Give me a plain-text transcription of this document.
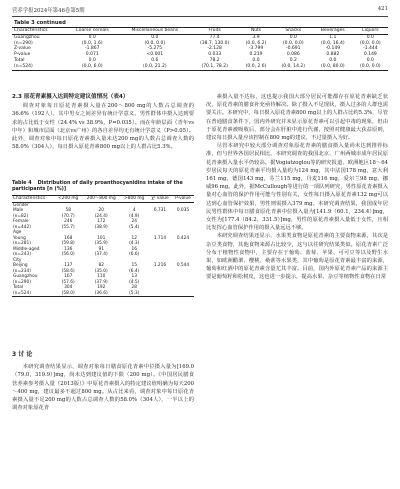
营养学报2024年第46卷第5期	421
Table 3 continued
Characteristics	Coarse cereals	Miscellaneous beans	Fruits	Nuts	Snacks	Beverages	Liquors
Guangzhou	0.0	0.0	77.4	3.9	0.0	1.1	0.0
(n=290)	(0.0, 1.6)	(0.0, 0.0)	(38.7, 130.0)	(0.0, 6.2)	(0.0, 0.0)	(0.0, 16.4)	(0.0, 0.0)
Z-value	-1.867	-5.275	-2.128	-3.799	-0.691	-0.149	-1.444
P-value	0.071	<0.001	0.033	0.219	0.086	0.882	0.149
Total	0.0	0.6	78.2	0.0	0.2	0.0	0.0
(n=524)	(0.0, 6.0)	(0.0, 21.2)	(70.1, 78.2)	(0.0, 2.6)	(0.0, 14.2)	(0.0, 80.0)	(0.0, 0.0)

2.3 原花青素摄入达到特定建议值情况（表4）

调查对象每日原花青素摄入量在200～800 mg的人数占总调查的36.6%（192人），其中男女之间差异有统计学意义，男性群体中摄入达到要求的占比低于女性（24.4% vs 38.9%，P=0.035）。而在年龄层面（青年vs中年）和城市层面（北京vs广州）的各自差异均无有统计学意义（P>0.05）。此外，调查对象中每日原花青素摄入量未达200 mg的人数占总调查人数的58.0%（304人），每日摄入原花青素800 mg以上的人群占比5.3%。

Table 4 Distribution of daily proanthocyanidins intake of the participants [n (%)]
Characteristics	<200 mg	200～800 mg	>800 mg	χ² value	P-value
Gender					
Male	58	20	4	6.731	0.035
(n=82)	(70.7)	(24.4)	(4.9)		
Female	246	172	24		
(n=442)	(55.7)	(38.9)	(5.4)		
Age					
Young	168	101	12	1.714	0.424
(n=281)	(59.8)	(35.9)	(4.3)		
Middle-aged	136	91	16		
(n=243)	(56.0)	(37.4)	(6.6)		
City					
Beijing	137	82	15	1.216	0.544
(n=234)	(58.6)	(35.0)	(6.4)		
Guangzhou	167	110	13		
(n=290)	(57.6)	(37.9)	(4.5)		
Total	304	192	28		
(n=524)	(58.0)	(36.6)	(5.3)		

3 讨 论

本研究调查结果显示，调查对象每日膳食原花青素中位摄入量为[169.0（79.0，319.9）]mg，尚未达到建议值的下限（200 mg）。《中国居民膳食营养素参考摄入量（2013版）》中原花青素摄入的特定建议值明确为每天200～400 mg，建议最多不超过800 mg。从占比来看，调查对象中每日原花青素摄入量不足200 mg的人数占总调查人数的58.0%（304人），一半以上的调查对象原花青

素摄入量不达标，这也提示我国大部分居民可能都存在原花青素缺乏状况，原花青素的膳食补充亟待解决。除了摄入不足现状，摄入过多的人群也需要关注。本研究中，每日摄入原花青素800 mg以上的人群占比约5.3%，尽管在普通膳食条件下，国内外研究并未显示原花青素可以引起中毒的现象，但由于原花青素被吸收后，部分会在肝脏中进行代谢，按照对健康最大获益原则，建议每日摄入量应该控制在800 mg的建议，不过量摄入为好。

尽管本研究中较大部分调查对象原花青素的膳食摄入量尚未达到推荐标准，但与世界各国居民相比，本研究调查的我国北京、广州两城市成年居民原花青素摄入量水平仍较高。据Vogiatzoglou等的研究报道，欧洲地区18～64岁居民每天的原花青素平均摄入量约为124 mg，其中法国178 mg，意大利161 mg，德国143 mg，芬兰115 mg，丹麦116 mg，爱尔兰98 mg，挪威96 mg。此外，据McCullough等进行的一项队列研究，男性原花青素摄入量对心血管的保护作用可能与性别有关，女性每日摄入原花青素132 mg可以达到心血管保护效果，男性则需摄入379 mg。本研究调查结果，我国成年居民男性群体中每日膳食原花青素中位摄入量为[141.9（60.1，234.4）]mg，女性为[177.4（84.2，331.5）]mg，男性的原花青素摄入量低于女性，且相比发挥心血管保护作用的摄入量远远不够。

本研究调查结果还显示，水果类食物是原花青素的主要食物来源，其次是杂豆类食物，其他食物来源占比较少，这与以往研究结果类似。原花青素广泛分布于植物性食物中，主要存在于葡萄、蓝莓、苹果、可可豆等以及野生水果，如欧洲醋栗、樱桃、桑葚等水果类，其中葡萄是原花青素最丰富的来源，葡萄和红酒中的原花青素含量尤其丰富。目前，国内外原花青素产品的来源主要是葡萄籽和松树皮，这也进一步提示，提高水果、杂豆等植物性食物在日常
